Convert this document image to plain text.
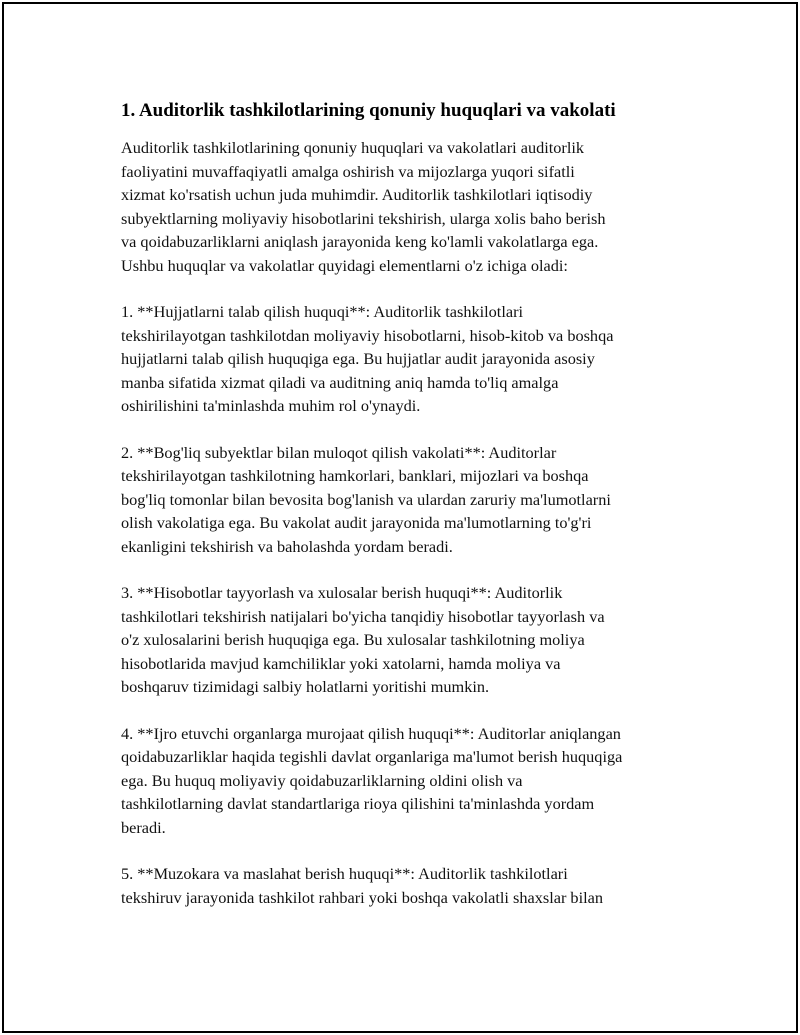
1. Auditorlik tashkilotlarining qonuniy huquqlari va vakolati

Auditorlik tashkilotlarining qonuniy huquqlari va vakolatlari auditorlik
faoliyatini muvaffaqiyatli amalga oshirish va mijozlarga yuqori sifatli
xizmat ko'rsatish uchun juda muhimdir. Auditorlik tashkilotlari iqtisodiy
subyektlarning moliyaviy hisobotlarini tekshirish, ularga xolis baho berish
va qoidabuzarliklarni aniqlash jarayonida keng ko'lamli vakolatlarga ega.
Ushbu huquqlar va vakolatlar quyidagi elementlarni o'z ichiga oladi:

1. **Hujjatlarni talab qilish huquqi**: Auditorlik tashkilotlari
tekshirilayotgan tashkilotdan moliyaviy hisobotlarni, hisob-kitob va boshqa
hujjatlarni talab qilish huquqiga ega. Bu hujjatlar audit jarayonida asosiy
manba sifatida xizmat qiladi va auditning aniq hamda to'liq amalga
oshirilishini ta'minlashda muhim rol o'ynaydi.

2. **Bog'liq subyektlar bilan muloqot qilish vakolati**: Auditorlar
tekshirilayotgan tashkilotning hamkorlari, banklari, mijozlari va boshqa
bog'liq tomonlar bilan bevosita bog'lanish va ulardan zaruriy ma'lumotlarni
olish vakolatiga ega. Bu vakolat audit jarayonida ma'lumotlarning to'g'ri
ekanligini tekshirish va baholashda yordam beradi.

3. **Hisobotlar tayyorlash va xulosalar berish huquqi**: Auditorlik
tashkilotlari tekshirish natijalari bo'yicha tanqidiy hisobotlar tayyorlash va
o'z xulosalarini berish huquqiga ega. Bu xulosalar tashkilotning moliya
hisobotlarida mavjud kamchiliklar yoki xatolarni, hamda moliya va
boshqaruv tizimidagi salbiy holatlarni yoritishi mumkin.

4. **Ijro etuvchi organlarga murojaat qilish huquqi**: Auditorlar aniqlangan
qoidabuzarliklar haqida tegishli davlat organlariga ma'lumot berish huquqiga
ega. Bu huquq moliyaviy qoidabuzarliklarning oldini olish va
tashkilotlarning davlat standartlariga rioya qilishini ta'minlashda yordam
beradi.

5. **Muzokara va maslahat berish huquqi**: Auditorlik tashkilotlari
tekshiruv jarayonida tashkilot rahbari yoki boshqa vakolatli shaxslar bilan
